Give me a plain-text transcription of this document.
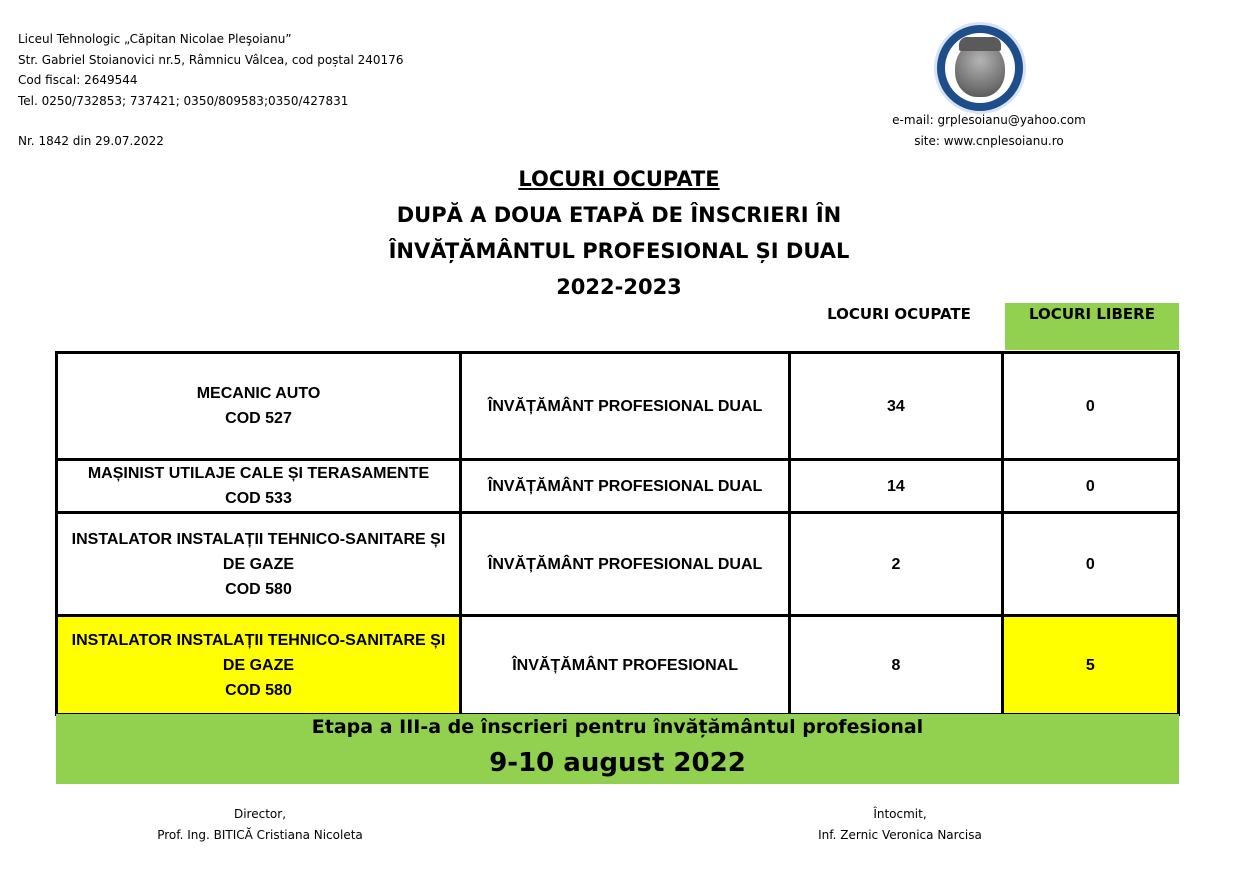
Liceul Tehnologic „Căpitan Nicolae Pleşoianu”
Str. Gabriel Stoianovici nr.5, Râmnicu Vâlcea, cod poștal 240176
Cod fiscal: 2649544
Tel. 0250/732853; 737421; 0350/809583;0350/427831
Nr. 1842 din 29.07.2022
e-mail: grplesoianu@yahoo.com
site: www.cnplesoianu.ro
LOCURI OCUPATE
DUPĂ A DOUA ETAPĂ DE ÎNSCRIERI ÎN
ÎNVĂȚĂMÂNTUL PROFESIONAL ȘI DUAL
2022-2023
LOCURI OCUPATE	LOCURI LIBERE
MECANIC AUTO
COD 527	ÎNVĂȚĂMÂNT PROFESIONAL DUAL	34	0

MAȘINIST UTILAJE CALE ȘI TERASAMENTE
COD 533	ÎNVĂȚĂMÂNT PROFESIONAL DUAL	14	0

INSTALATOR INSTALAȚII TEHNICO-SANITARE ȘI
DE GAZE
COD 580	ÎNVĂȚĂMÂNT PROFESIONAL DUAL	2	0

INSTALATOR INSTALAȚII TEHNICO-SANITARE ȘI
DE GAZE
COD 580	ÎNVĂȚĂMÂNT PROFESIONAL	8	5
Etapa a III-a de înscrieri pentru învățământul profesional
9-10 august 2022
Director,
Prof. Ing. BITICĂ Cristiana Nicoleta
Întocmit,
Inf. Zernic Veronica Narcisa
